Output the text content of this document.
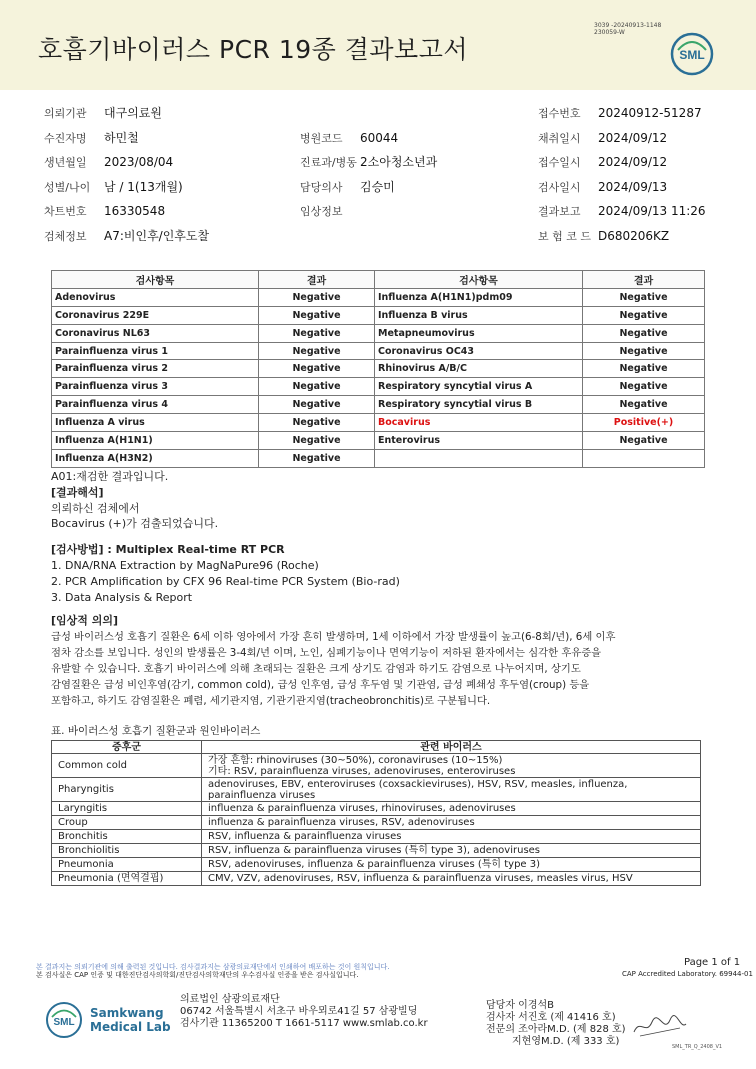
호흡기바이러스 PCR 19종 결과보고서
3039 -20240913-1148
230059-W
SML
의뢰기관 대구의료원
수진자명 하민철
생년월일 2023/08/04
성별/나이 남 / 1(13개월)
차트번호 16330548
검체정보 A7:비인후/인후도찰
병원코드 60044
진료과/병동 2소아청소년과
담당의사 김승미
임상정보
접수번호 20240912-51287
채취일시 2024/09/12
접수일시 2024/09/12
검사일시 2024/09/13
결과보고 2024/09/13 11:26
보 험 코 드 D680206KZ
검사항목	결과	검사항목	결과
Adenovirus	Negative	Influenza A(H1N1)pdm09	Negative
Coronavirus 229E	Negative	Influenza B virus	Negative
Coronavirus NL63	Negative	Metapneumovirus	Negative
Parainfluenza virus 1	Negative	Coronavirus OC43	Negative
Parainfluenza virus 2	Negative	Rhinovirus A/B/C	Negative
Parainfluenza virus 3	Negative	Respiratory syncytial virus A	Negative
Parainfluenza virus 4	Negative	Respiratory syncytial virus B	Negative
Influenza A virus	Negative	Bocavirus	Positive(+)
Influenza A(H1N1)	Negative	Enterovirus	Negative
Influenza A(H3N2)	Negative		
A01:재검한 결과입니다.
[결과해석]
의뢰하신 검체에서
Bocavirus (+)가 검출되었습니다.
[검사방법] : Multiplex Real-time RT PCR
1. DNA/RNA Extraction by MagNaPure96 (Roche)
2. PCR Amplification by CFX 96 Real-time PCR System (Bio-rad)
3. Data Analysis & Report
[임상적 의의]
급성 바이러스성 호흡기 질환은 6세 이하 영아에서 가장 흔히 발생하며, 1세 이하에서 가장 발생률이 높고(6-8회/년), 6세 이후
점차 감소를 보입니다. 성인의 발생률은 3-4회/년 이며, 노인, 심폐기능이나 면역기능이 저하된 환자에서는 심각한 후유증을
유발할 수 있습니다. 호흡기 바이러스에 의해 초래되는 질환은 크게 상기도 감염과 하기도 감염으로 나누어지며, 상기도
감염질환은 급성 비인후염(감기, common cold), 급성 인후염, 급성 후두염 및 기관염, 급성 폐쇄성 후두염(croup) 등을
포함하고, 하기도 감염질환은 폐렴, 세기관지염, 기관기관지염(tracheobronchitis)로 구분됩니다.
표. 바이러스성 호흡기 질환군과 원인바이러스
증후군	관련 바이러스
Common cold	가장 흔함: rhinoviruses (30~50%), coronaviruses (10~15%)
기타: RSV, parainfluenza viruses, adenoviruses, enteroviruses

Pharyngitis	adenoviruses, EBV, enteroviruses (coxsackieviruses), HSV, RSV, measles, influenza,
parainfluenza viruses

Laryngitis	influenza & parainfluenza viruses, rhinoviruses, adenoviruses

Croup	influenza & parainfluenza viruses, RSV, adenoviruses

Bronchitis	RSV, influenza & parainfluenza viruses

Bronchiolitis	RSV, influenza & parainfluenza viruses (특히 type 3), adenoviruses

Pneumonia	RSV, adenoviruses, influenza & parainfluenza viruses (특히 type 3)

Pneumonia (면역결핍)	CMV, VZV, adenoviruses, RSV, influenza & parainfluenza viruses, measles virus, HSV
본 결과지는 의뢰기관에 의해 출력된 것입니다. 검사결과지는 삼광의료재단에서 인쇄하여 배포하는 것이 원칙입니다.
본 검사실은 CAP 인증 및 대한진단검사의학회/진단검사의학재단의 우수검사실 인증을 받은 검사실입니다.
Page 1 of 1
CAP Accredited Laboratory. 69944-01
SML
Samkwang
Medical Lab
의료법인 삼광의료재단
06742 서울특별시 서초구 바우뫼로41길 57 삼광빌딩
검사기관 11365200 T 1661-5117 www.smlab.co.kr
담당자 이경석B
검사자 서진호 (제 41416 호)
전문의 조아라M.D. (제 828 호)
지현영M.D. (제 333 호)	SML_TR_Q_2408_V1
